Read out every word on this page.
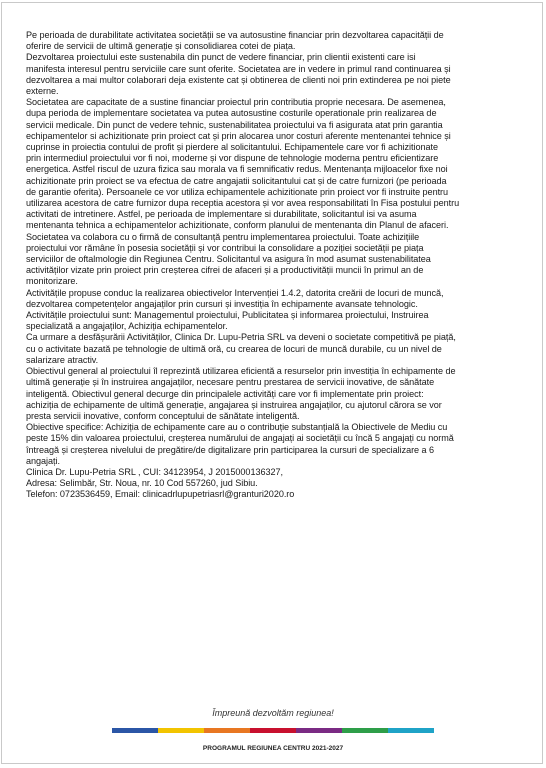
Pe perioada de durabilitate activitatea societății se va autosustine financiar prin dezvoltarea capacității de

oferire de servicii de ultimă generație și consolidiarea cotei de piața.

Dezvoltarea proiectului este sustenabila din punct de vedere financiar, prin clientii existenti care isi

manifesta interesul pentru serviciile care sunt oferite. Societatea are in vedere in primul rand continuarea și

dezvoltarea a mai multor colaborari deja existente cat și obtinerea de clienti noi prin extinderea pe noi piete

externe.

Societatea are capacitate de a sustine financiar proiectul prin contributia proprie necesara. De asemenea,

dupa perioda de implementare societatea va putea autosustine costurile operationale prin realizarea de

servicii medicale. Din punct de vedere tehnic, sustenabilitatea proiectului va fi asigurata atat prin garantia

echipamentelor si achizitionate prin proiect cat și prin alocarea unor costuri aferente mentenantei tehnice și

cuprinse in proiectia contului de profit și pierdere al solicitantului. Echipamentele care vor fi achizitionate

prin intermediul proiectului vor fi noi, moderne și vor dispune de tehnologie moderna pentru eficientizare

energetica. Astfel riscul de uzura fizica sau morala va fi semnificativ redus. Mentenanța mijloacelor fixe noi

achizitionate prin proiect se va efectua de catre angajatii solicitantului cat și de catre furnizori (pe perioada

de garantie oferita). Persoanele ce vor utiliza echipamentele achizitionate prin proiect vor fi instruite pentru

utilizarea acestora de catre furnizor dupa receptia acestora și vor avea responsabilitati în Fisa postului pentru

activitati de intretinere. Astfel, pe perioada de implementare si durabilitate, solicitantul isi va asuma

mentenanta tehnica a echipamentelor achizitionate, conform planului de mentenanta din Planul de afaceri.

Societatea va colabora cu o firmă de consultanță pentru implementarea proiectului. Toate achizițiile

proiectului vor rămâne în posesia societății și vor contribui la consolidare a poziției societății pe piața

serviciilor de oftalmologie din Regiunea Centru. Solicitantul va asigura în mod asumat sustenabilitatea

activităților vizate prin proiect prin creșterea cifrei de afaceri și a productivității muncii în primul an de

monitorizare.

Activitățile propuse conduc la realizarea obiectivelor Intervenției 1.4.2, datorita creării de locuri de muncă,

dezvoltarea competențelor angajaților prin cursuri și investiția în echipamente avansate tehnologic.

Activitățile proiectului sunt: Managementul proiectului, Publicitatea și informarea proiectului, Instruirea

specializată a angajaților, Achiziția echipamentelor.

Ca urmare a desfășurării Activităților, Clinica Dr. Lupu-Petria SRL va deveni o societate competitivă pe piață,

cu o activitate bazată pe tehnologie de ultimă oră, cu crearea de locuri de muncă durabile, cu un nivel de

salarizare atractiv.

Obiectivul general al proiectului îl reprezintă utilizarea eficientă a resurselor prin investiția în echipamente de

ultimă generație și în instruirea angajaților, necesare pentru prestarea de servicii inovative, de sănătate

inteligentă. Obiectivul general decurge din principalele activități care vor fi implementate prin proiect:

achiziția de echipamente de ultimă generație, angajarea și instruirea angajaților, cu ajutorul cărora se vor

presta servicii inovative, conform conceptului de sănătate inteligentă.

Obiective specifice: Achiziția de echipamente care au o contribuție substanțială la Obiectivele de Mediu cu

peste 15% din valoarea proiectului, creșterea numărului de angajați ai societății cu încă 5 angajați cu normă

întreagă și creșterea nivelului de pregătire/de digitalizare prin participarea la cursuri de specializare a 6

angajați.

Clinica Dr. Lupu-Petria SRL , CUI: 34123954, J 2015000136327,

Adresa: Selimbăr, Str. Noua, nr. 10 Cod 557260, jud Sibiu.

Telefon: 0723536459, Email: clinicadrlupupetriasrl@granturi2020.ro

Împreună dezvoltăm regiunea!
PROGRAMUL REGIUNEA CENTRU 2021-2027
